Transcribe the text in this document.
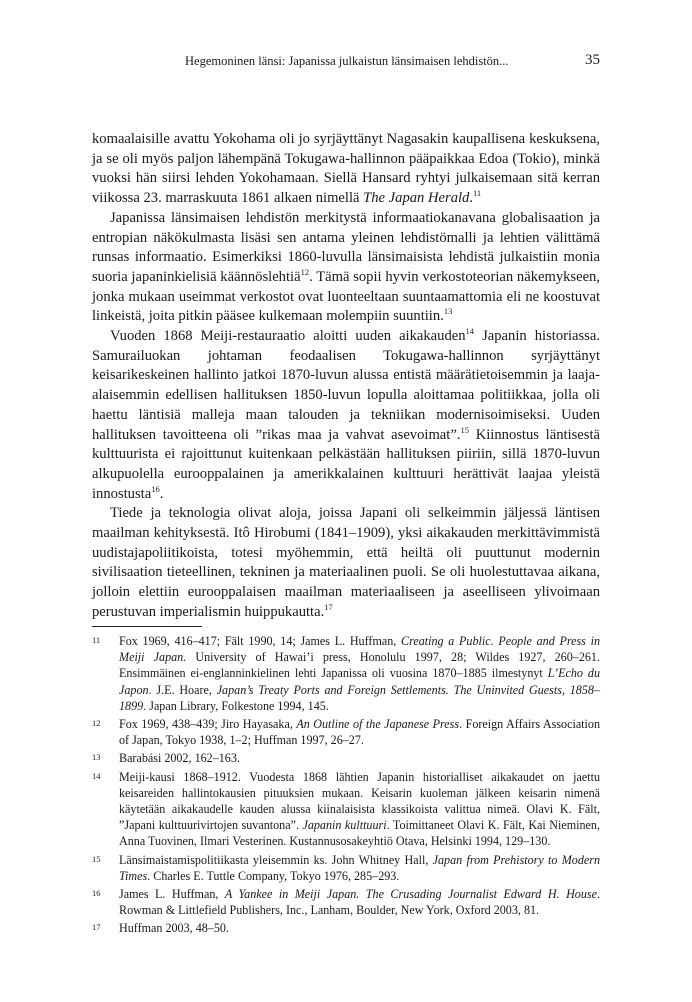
Hegemoninen länsi: Japanissa julkaistun länsimaisen lehdistön...	35

komaalaisille avattu Yokohama oli jo syrjäyttänyt Nagasakin kaupallisena keskuksena, ja se oli myös paljon lähempänä Tokugawa-hallinnon pääpaikkaa Edoa (Tokio), minkä vuoksi hän siirsi lehden Yokohamaan. Siellä Hansard ryhtyi julkaisemaan sitä kerran viikossa 23. marraskuuta 1861 alkaen nimellä The Japan Herald.$^{11}$

Japanissa länsimaisen lehdistön merkitystä informaatiokanavana globalisaation ja entropian näkökulmasta lisäsi sen antama yleinen lehdistömalli ja lehtien välittämä runsas informaatio. Esimerkiksi 1860-luvulla länsimaisista lehdistä julkaistiin monia suoria japaninkielisiä käännöslehtiä$^{12}$. Tämä sopii hyvin verkostoteorian näkemykseen, jonka mukaan useimmat verkostot ovat luonteeltaan suuntaamattomia eli ne koostuvat linkeistä, joita pitkin pääsee kulkemaan molempiin suuntiin.$^{13}$

Vuoden 1868 Meiji-restauraatio aloitti uuden aikakauden$^{14}$ Japanin historiassa. Samurailuokan johtaman feodaalisen Tokugawa-hallinnon syrjäyttänyt keisarikeskeinen hallinto jatkoi 1870-luvun alussa entistä määrätietoisemmin ja laaja-alaisemmin edellisen hallituksen 1850-luvun lopulla aloittamaa politiikkaa, jolla oli haettu läntisiä malleja maan talouden ja tekniikan modernisoimiseksi. Uuden hallituksen tavoitteena oli ”rikas maa ja vahvat asevoimat”.$^{15}$ Kiinnostus läntisestä kulttuurista ei rajoittunut kuitenkaan pelkästään hallituksen piiriin, sillä 1870-luvun alkupuolella eurooppalainen ja amerikkalainen kulttuuri herättivät laajaa yleistä innostusta$^{16}$.

Tiede ja teknologia olivat aloja, joissa Japani oli selkeimmin jäljessä läntisen maailman kehityksestä. Itô Hirobumi (1841–1909), yksi aikakauden merkittävimmistä uudistajapoliitikoista, totesi myöhemmin, että heiltä oli puuttunut modernin sivilisaation tieteellinen, tekninen ja materiaalinen puoli. Se oli huolestuttavaa aikana, jolloin elettiin eurooppalaisen maailman materiaaliseen ja aseelliseen ylivoimaan perustuvan imperialismin huippukautta.$^{17}$

11	Fox 1969, 416–417; Fält 1990, 14; James L. Huffman, Creating a Public. People and Press in Meiji Japan. University of Hawai’i press, Honolulu 1997, 28; Wildes 1927, 260–261. Ensimmäinen ei-englanninkielinen lehti Japanissa oli vuosina 1870–1885 ilmestynyt L’Echo du Japon. J.E. Hoare, Japan’s Treaty Ports and Foreign Settlements. The Uninvited Guests, 1858–1899. Japan Library, Folkestone 1994, 145.
12	Fox 1969, 438–439; Jiro Hayasaka, An Outline of the Japanese Press. Foreign Affairs Association of Japan, Tokyo 1938, 1–2; Huffman 1997, 26–27.
13	Barabási 2002, 162–163.
14	Meiji-kausi 1868–1912. Vuodesta 1868 lähtien Japanin historialliset aikakaudet on jaettu keisareiden hallintokausien pituuksien mukaan. Keisarin kuoleman jälkeen keisarin nimenä käytetään aikakaudelle kauden alussa kiinalaisista klassikoista valittua nimeä. Olavi K. Fält, ”Japani kulttuurivirtojen suvantona”. Japanin kulttuuri. Toimittaneet Olavi K. Fält, Kai Nieminen, Anna Tuovinen, Ilmari Vesterinen. Kustannusosakeyhtiö Otava, Helsinki 1994, 129–130.
15	Länsimaistamispolitiikasta yleisemmin ks. John Whitney Hall, Japan from Prehistory to Modern Times. Charles E. Tuttle Company, Tokyo 1976, 285–293.
16	James L. Huffman, A Yankee in Meiji Japan. The Crusading Journalist Edward H. House. Rowman & Littlefield Publishers, Inc., Lanham, Boulder, New York, Oxford 2003, 81.
17	Huffman 2003, 48–50.
